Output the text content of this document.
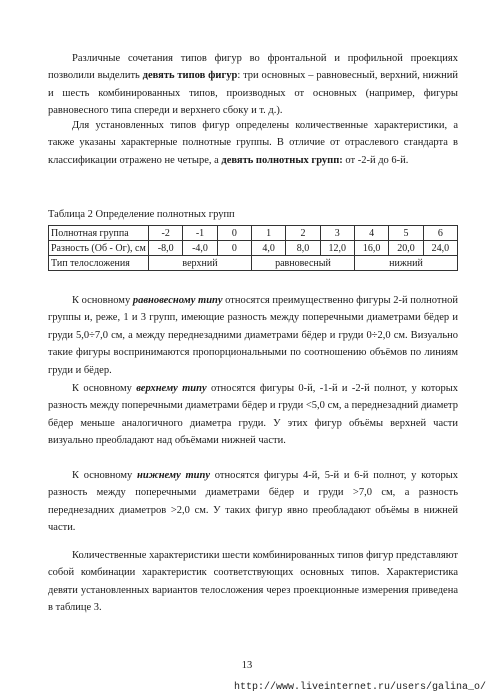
Различные сочетания типов фигур во фронтальной и профильной проекциях позволили выделить девять типов фигур: три основных – равновесный, верхний, нижний и шесть комбинированных типов, производных от основных (например, фигуры равновесного типа спереди и верхнего сбоку и т. д.).

Для установленных типов фигур определены количественные характеристики, а также указаны характерные полнотные группы. В отличие от отраслевого стандарта в классификации отражено не четыре, а девять полнотных групп: от -2-й до 6-й.

Таблица 2 Определение полнотных групп
Полнотная группа	-2	-1	0	1	2	3	4	5	6
Разность (Oб - Oг), см	-8,0	-4,0	0	4,0	8,0	12,0	16,0	20,0	24,0
Тип телосложения	верхний			равновесный			нижний		

К основному равновесному типу относятся преимущественно фигуры 2-й полнотной группы и, реже, 1 и 3 групп, имеющие разность между поперечными диаметрами бёдер и груди 5,0÷7,0 см, а между переднезадними диаметрами бёдер и груди 0÷2,0 см. Визуально такие фигуры воспринимаются пропорциональными по соотношению объёмов по линиям груди и бёдер.

К основному верхнему типу относятся фигуры 0-й, -1-й и -2-й полнот, у которых разность между поперечными диаметрами бёдер и груди <5,0 см, а переднезадний диаметр бёдер меньше аналогичного диаметра груди. У этих фигур объёмы верхней части визуально преобладают над объёмами нижней части.

К основному нижнему типу относятся фигуры 4-й, 5-й и 6-й полнот, у которых разность между поперечными диаметрами бёдер и груди >7,0 см, а разность переднезадних диаметров >2,0 см. У таких фигур явно преобладают объёмы в нижней части.

Количественные характеристики шести комбинированных типов фигур представляют собой комбинации характеристик соответствующих основных типов. Характеристика девяти установленных вариантов телосложения через проекционные измерения приведена в таблице 3.

13
http://www.liveinternet.ru/users/galina_o/
